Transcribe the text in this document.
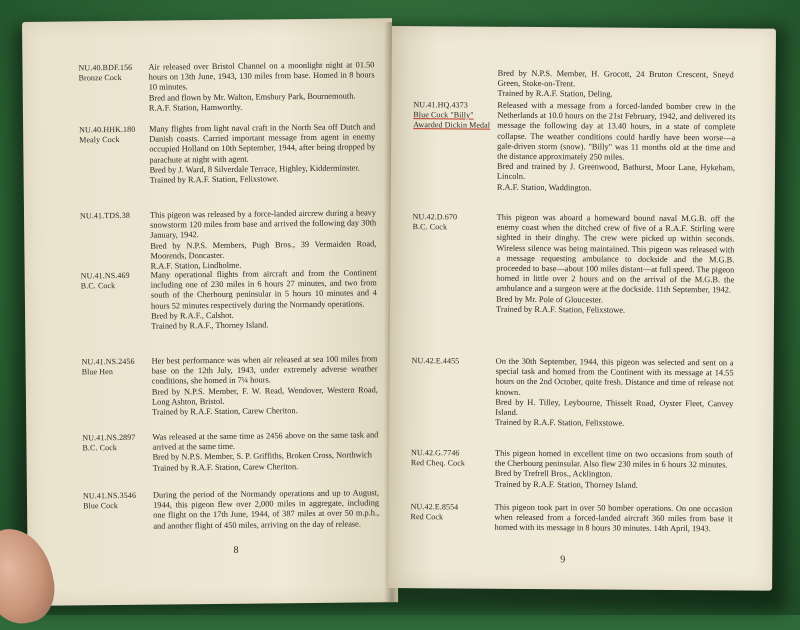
NU.40.BDF.156
Bronze Cock

Air released over Bristol Channel on a moonlight night at 01.50 hours on 13th June, 1943, 130 miles from base. Homed in 8 hours 10 minutes.

Bred and flown by Mr. Walton, Emsbury Park, Bournemouth.

R.A.F. Station, Hamworthy.

NU.40.HHK.180
Mealy Cock

Many flights from light naval craft in the North Sea off Dutch and Danish coasts. Carried important message from agent in enemy occupied Holland on 10th September, 1944, after being dropped by parachute at night with agent.

Bred by J. Ward, 8 Silverdale Terrace, Highley, Kidderminster.

Trained by R.A.F. Station, Felixstowe.

NU.41.TDS.38	This pigeon was released by a force-landed aircrew during a heavy snowstorm 120 miles from base and arrived the following day 30th January, 1942.

Bred by N.P.S. Members, Pugh Bros., 39 Vermaiden Road, Moorends, Doncaster.

R.A.F. Station, Lindholme.

NU.41.NS.469
B.C. Cock

Many operational flights from aircraft and from the Continent including one of 230 miles in 6 hours 27 minutes, and two from south of the Cherbourg peninsular in 5 hours 10 minutes and 4 hours 52 minutes respectively during the Normandy operations.

Bred by R.A.F., Calshot.

Trained by R.A.F., Thorney Island.

NU.41.NS.2456
Blue Hen

Her best performance was when air released at sea 100 miles from base on the 12th July, 1943, under extremely adverse weather conditions, she homed in 7¼ hours.

Bred by N.P.S. Member, F. W. Read, Wendover, Western Road, Long Ashton, Bristol.

Trained by R.A.F. Station, Carew Cheriton.

NU.41.NS.2897
B.C. Cock

Was released at the same time as 2456 above on the same task and arrived at the same time.

Bred by N.P.S. Member, S. P. Griffiths, Broken Cross, Northwich

Trained by R.A.F. Station, Carew Cheriton.

NU.41.NS.3546
Blue Cock

During the period of the Normandy operations and up to August, 1944, this pigeon flew over 2,000 miles in aggregate, including one flight on the 17th June, 1944, of 387 miles at over 50 m.p.h., and another flight of 450 miles, arriving on the day of release.

8

Bred by N.P.S. Member, H. Grocott, 24 Bruton Crescent, Sneyd Green, Stoke-on-Trent.

Trained by R.A.F. Station, Deling.

NU.41.HQ.4373
Blue Cock "Billy"
Awarded Dickin Medal

Released with a message from a forced-landed bomber crew in the Netherlands at 10.0 hours on the 21st February, 1942, and delivered its message the following day at 13.40 hours, in a state of complete collapse. The weather conditions could hardly have been worse—a gale-driven storm (snow). "Billy" was 11 months old at the time and the distance approximately 250 miles.

Bred and trained by J. Greenwood, Bathurst, Moor Lane, Hykeham, Lincoln.

R.A.F. Station, Waddington.

NU.42.D.670
B.C. Cock

This pigeon was aboard a homeward bound naval M.G.B. off the enemy coast when the ditched crew of five of a R.A.F. Stirling were sighted in their dinghy. The crew were picked up within seconds. Wireless silence was being maintained. This pigeon was released with a message requesting ambulance to dockside and the M.G.B. proceeded to base—about 100 miles distant—at full speed. The pigeon homed in little over 2 hours and on the arrival of the M.G.B. the ambulance and a surgeon were at the dockside. 11th September, 1942.

Bred by Mr. Pole of Gloucester.

Trained by R.A.F. Station, Felixstowe.

NU.42.E.4455	On the 30th September, 1944, this pigeon was selected and sent on a special task and homed from the Continent with its message at 14.55 hours on the 2nd October, quite fresh. Distance and time of release not known.

Bred by H. Tilley, Leybourne, Thisselt Road, Oyster Fleet, Canvey Island.

Trained by R.A.F. Station, Felixstowe.

NU.42.G.7746
Red Cheq. Cock

This pigeon homed in excellent time on two occasions from south of the Cherbourg peninsular. Also flew 230 miles in 6 hours 32 minutes.

Bred by Trefrell Bros., Acklington.

Trained by R.A.F. Station, Thorney Island.

NU.42.E.8554
Red Cock

This pigeon took part in over 50 bomber operations. On one occasion when released from a forced-landed aircraft 360 miles from base it homed with its message in 8 hours 30 minutes. 14th April, 1943.

9
